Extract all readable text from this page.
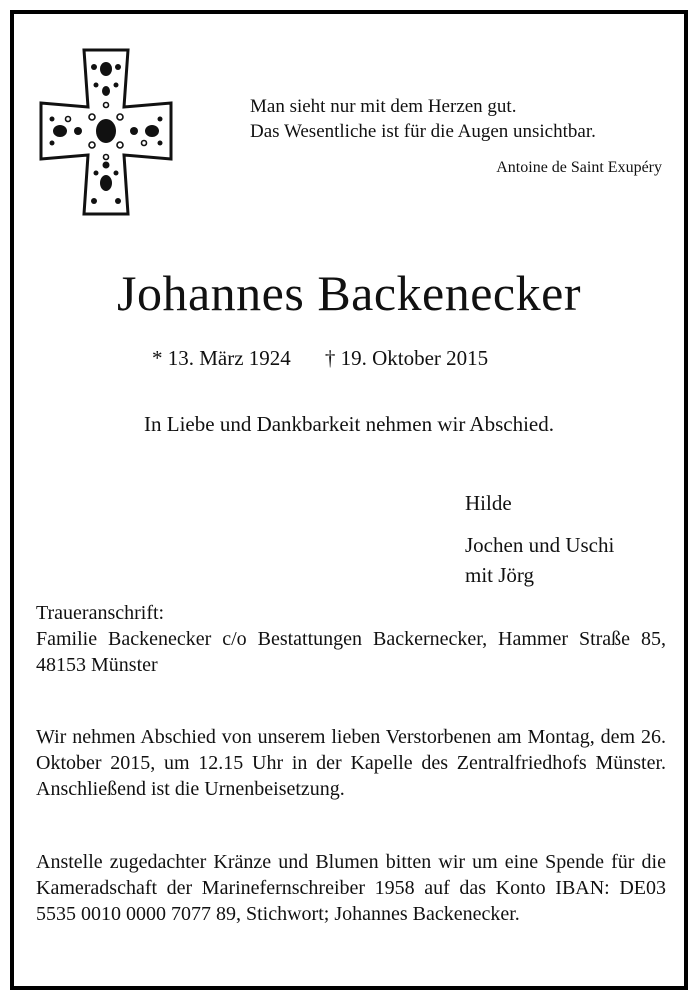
Man sieht nur mit dem Herzen gut.
Das Wesentliche ist für die Augen unsichtbar.
Antoine de Saint Exupéry
Johannes Backenecker
* 13. März 1924 † 19. Oktober 2015
In Liebe und Dankbarkeit nehmen wir Abschied.
Hilde
Jochen und Uschi
mit Jörg
Traueranschrift:
Familie Backenecker c/o Bestattungen Backernecker, Hammer Straße 85, 48153 Münster
Wir nehmen Abschied von unserem lieben Verstorbenen am Montag, dem 26. Oktober 2015, um 12.15 Uhr in der Kapelle des Zentralfriedhofs Münster. Anschließend ist die Urnenbeisetzung.
Anstelle zugedachter Kränze und Blumen bitten wir um eine Spende für die Kameradschaft der Marinefernschreiber 1958 auf das Konto IBAN: DE03 5535 0010 0000 7077 89, Stichwort; Johannes Backenecker.
